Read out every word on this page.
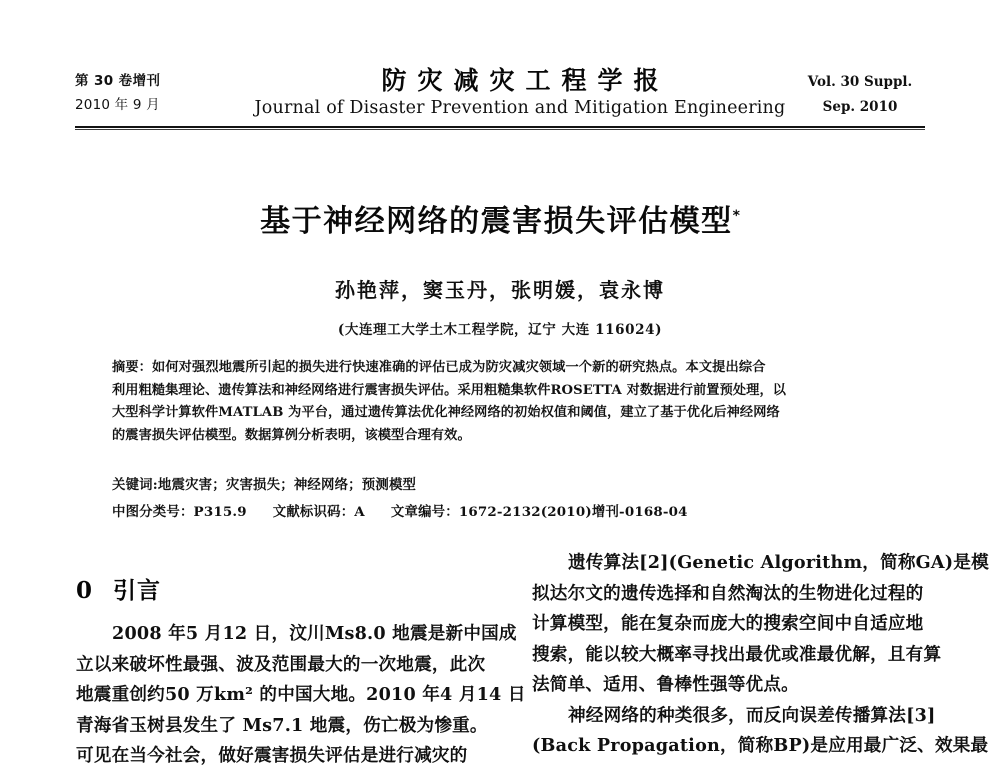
第 30 卷增刊
2010 年 9 月
防灾减灾工程学报
Journal of Disaster Prevention and Mitigation Engineering
Vol. 30 Suppl.
Sep. 2010
基于神经网络的震害损失评估模型*
孙艳萍，窦玉丹，张明媛，袁永博
(大连理工大学土木工程学院，辽宁 大连 116024)
摘要：如何对强烈地震所引起的损失进行快速准确的评估已成为防灾减灾领域一个新的研究热点。本文提出综合
利用粗糙集理论、遗传算法和神经网络进行震害损失评估。采用粗糙集软件ROSETTA 对数据进行前置预处理，以
大型科学计算软件MATLAB 为平台，通过遗传算法优化神经网络的初始权值和阈值，建立了基于优化后神经网络
的震害损失评估模型。数据算例分析表明，该模型合理有效。
关键词:地震灾害；灾害损失；神经网络；预测模型
中图分类号：P315.9 文献标识码：A 文章编号：1672-2132(2010)增刊-0168-04
0 引言
2008 年5 月12 日，汶川Ms8.0 地震是新中国成
立以来破坏性最强、波及范围最大的一次地震，此次
地震重创约50 万km² 的中国大地。2010 年4 月14 日
青海省玉树县发生了 Ms7.1 地震，伤亡极为惨重。
可见在当今社会，做好震害损失评估是进行减灾的
遗传算法[2](Genetic Algorithm，简称GA)是模
拟达尔文的遗传选择和自然淘汰的生物进化过程的
计算模型，能在复杂而庞大的搜索空间中自适应地
搜索，能以较大概率寻找出最优或准最优解，且有算
法简单、适用、鲁棒性强等优点。
神经网络的种类很多，而反向误差传播算法[3]
(Back Propagation，简称BP)是应用最广泛、效果最
